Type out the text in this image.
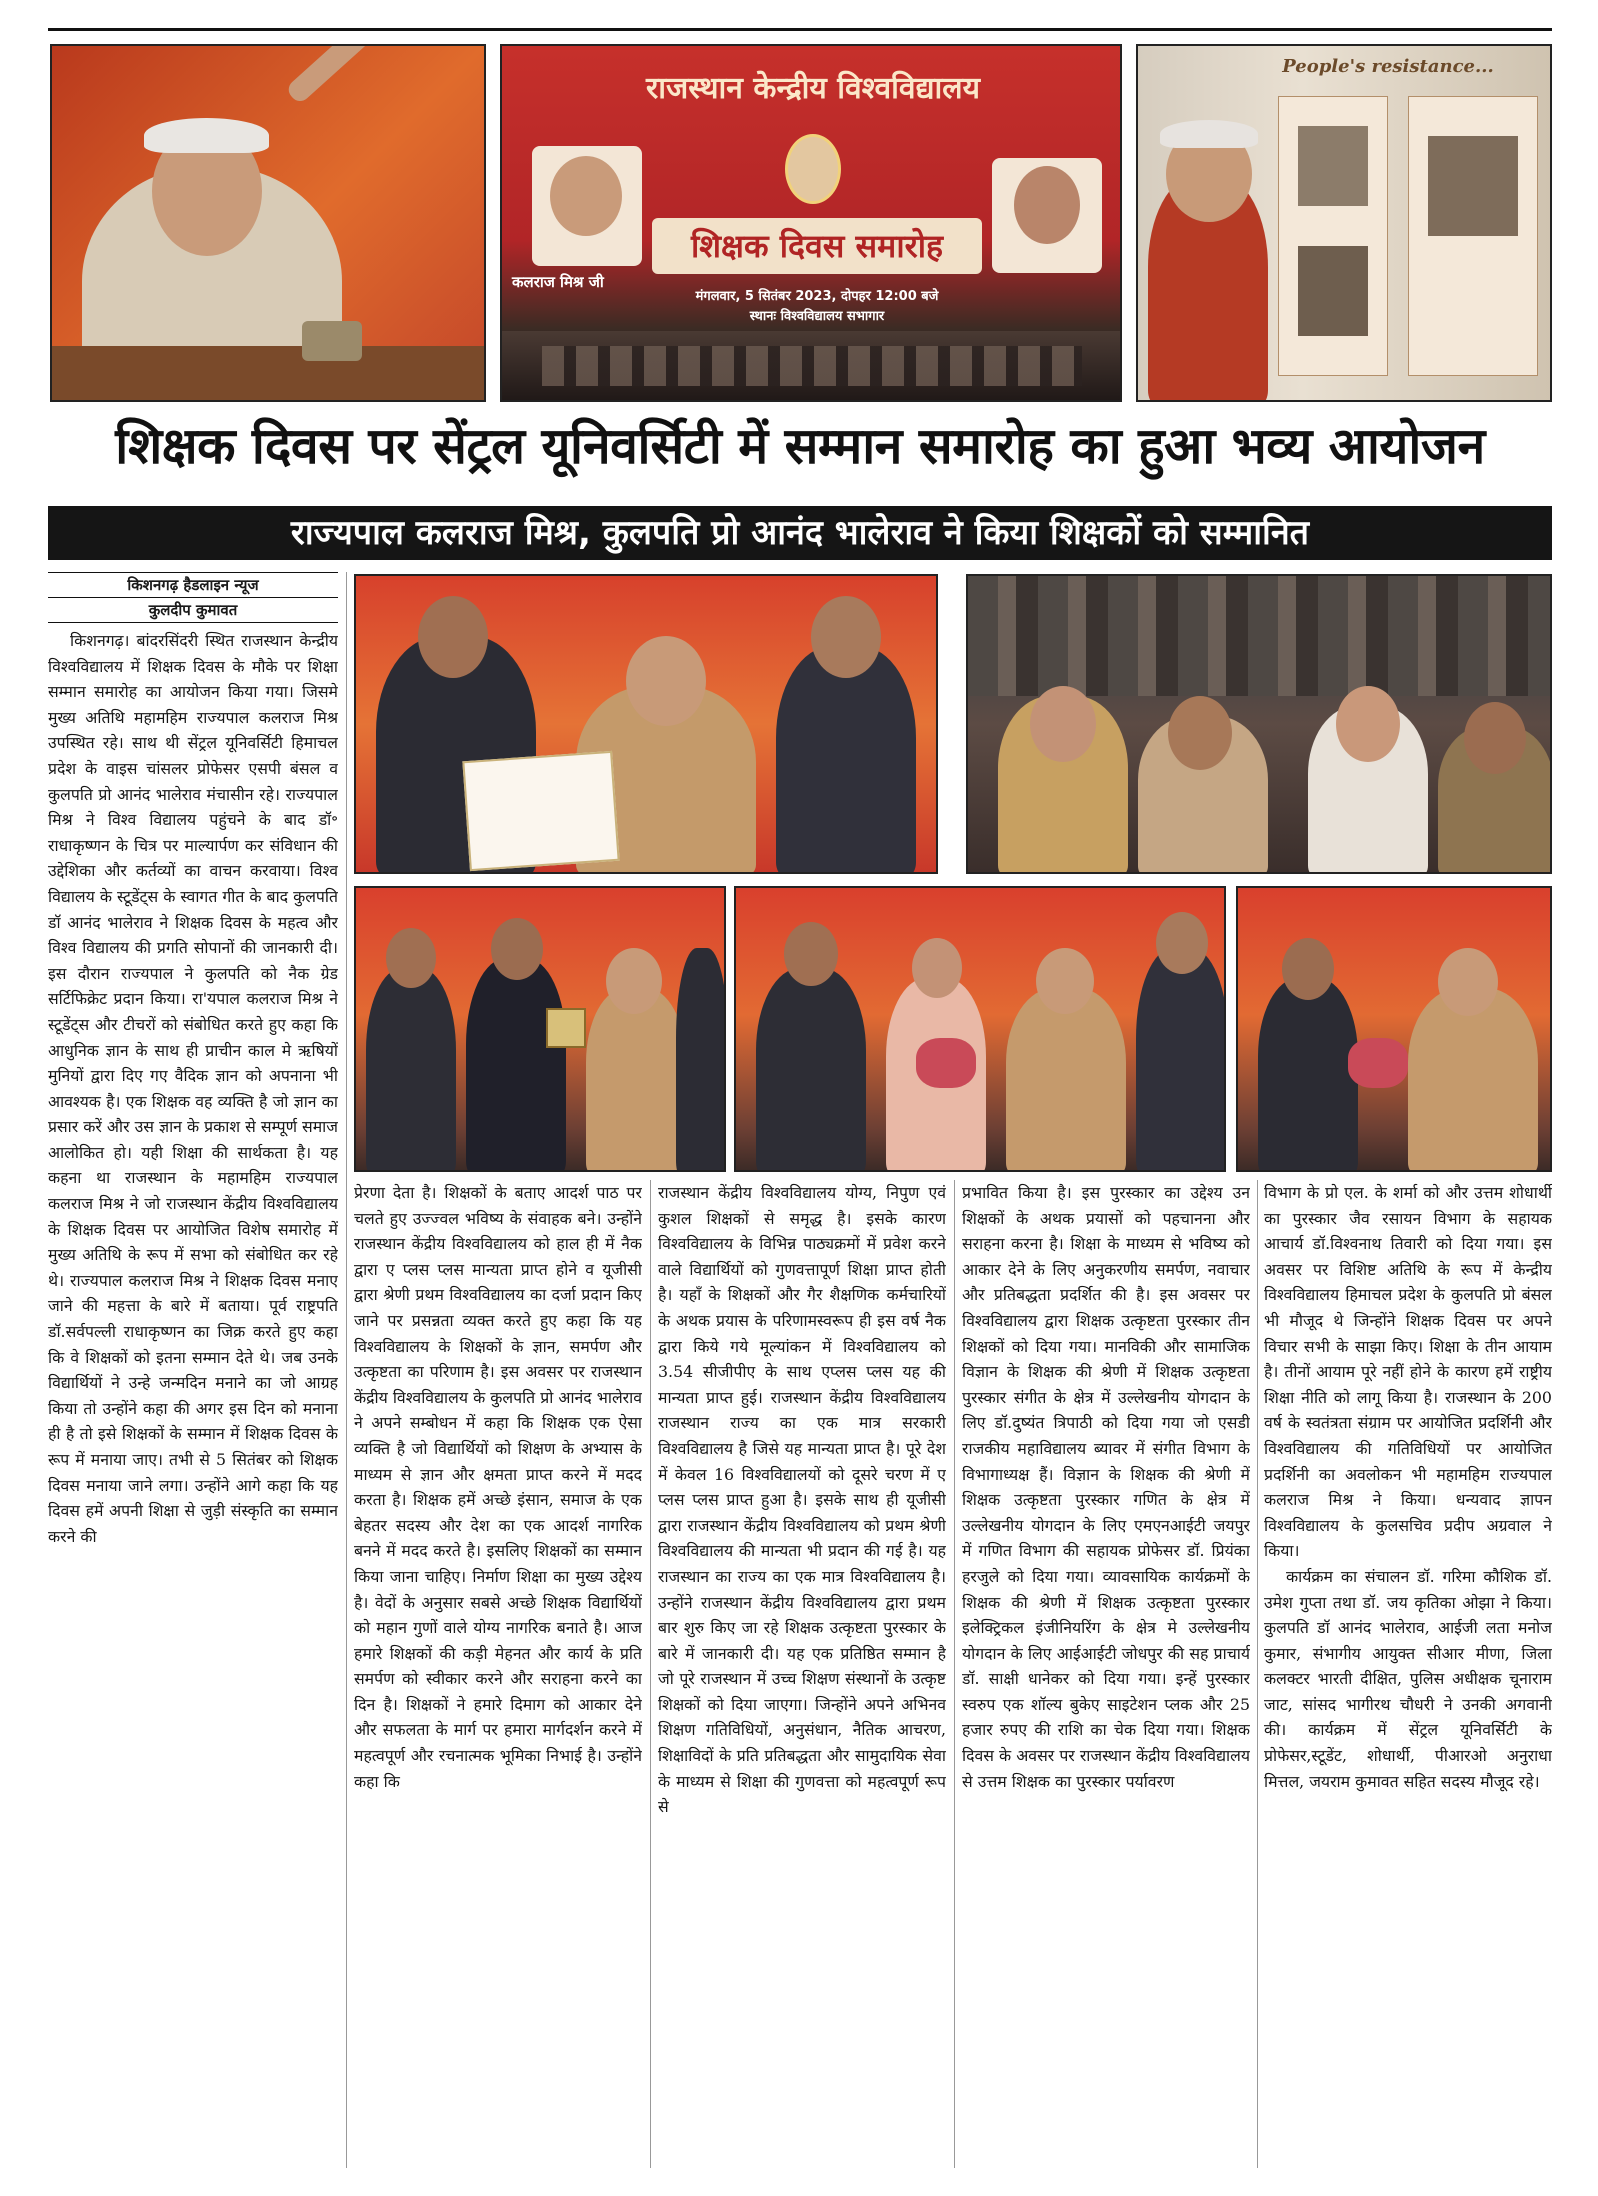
राजस्थान केन्द्रीय विश्वविद्यालय
शिक्षक दिवस समारोह
कलराज मिश्र जी
मंगलवार, 5 सितंबर 2023, दोपहर 12:00 बजे
स्थानः विश्वविद्यालय सभागार
People's resistance...
शिक्षक दिवस पर सेंट्रल यूनिवर्सिटी में सम्मान समारोह का हुआ भव्य आयोजन
राज्यपाल कलराज मिश्र, कुलपति प्रो आनंद भालेराव ने किया शिक्षकों को सम्मानित
किशनगढ़ हैडलाइन न्यूज
कुलदीप कुमावत

किशनगढ़। बांदरसिंदरी स्थित राजस्थान केन्द्रीय विश्वविद्यालय में शिक्षक दिवस के मौके पर शिक्षा सम्मान समारोह का आयोजन किया गया। जिसमे मुख्य अतिथि महामहिम राज्यपाल कलराज मिश्र उपस्थित रहे। साथ थी सेंट्रल यूनिवर्सिटी हिमाचल प्रदेश के वाइस चांसलर प्रोफेसर एसपी बंसल व कुलपति प्रो आनंद भालेराव मंचासीन रहे। राज्यपाल मिश्र ने विश्व विद्यालय पहुंचने के बाद डॉ॰ राधाकृष्णन के चित्र पर माल्यार्पण कर संविधान की उद्देशिका और कर्तव्यों का वाचन करवाया। विश्व विद्यालय के स्टूडेंट्स के स्वागत गीत के बाद कुलपति डॉ आनंद भालेराव ने शिक्षक दिवस के महत्व और विश्व विद्यालय की प्रगति सोपानों की जानकारी दी। इस दौरान राज्यपाल ने कुलपति को नैक ग्रेड सर्टिफिक्रेट प्रदान किया। रा'यपाल कलराज मिश्र ने स्टूडेंट्स और टीचरों को संबोधित करते हुए कहा कि आधुनिक ज्ञान के साथ ही प्राचीन काल मे ऋषियों मुनियों द्वारा दिए गए वैदिक ज्ञान को अपनाना भी आवश्यक है। एक शिक्षक वह व्यक्ति है जो ज्ञान का प्रसार करें और उस ज्ञान के प्रकाश से सम्पूर्ण समाज आलोकित हो। यही शिक्षा की सार्थकता है। यह कहना था राजस्थान के महामहिम राज्यपाल कलराज मिश्र ने जो राजस्थान केंद्रीय विश्वविद्यालय के शिक्षक दिवस पर आयोजित विशेष समारोह में मुख्य अतिथि के रूप में सभा को संबोधित कर रहे थे। राज्यपाल कलराज मिश्र ने शिक्षक दिवस मनाए जाने की महत्ता के बारे में बताया। पूर्व राष्ट्रपति डॉ.सर्वपल्ली राधाकृष्णन का जिक्र करते हुए कहा कि वे शिक्षकों को इतना सम्मान देते थे। जब उनके विद्यार्थियों ने उन्हे जन्मदिन मनाने का जो आग्रह किया तो उन्होंने कहा की अगर इस दिन को मनाना ही है तो इसे शिक्षकों के सम्मान में शिक्षक दिवस के रूप में मनाया जाए। तभी से 5 सितंबर को शिक्षक दिवस मनाया जाने लगा। उन्होंने आगे कहा कि यह दिवस हमें अपनी शिक्षा से जुड़ी संस्कृति का सम्मान करने की

प्रेरणा देता है। शिक्षकों के बताए आदर्श पाठ पर चलते हुए उज्ज्वल भविष्य के संवाहक बने। उन्होंने राजस्थान केंद्रीय विश्वविद्यालय को हाल ही में नैक द्वारा ए प्लस प्लस मान्यता प्राप्त होने व यूजीसी द्वारा श्रेणी प्रथम विश्वविद्यालय का दर्जा प्रदान किए जाने पर प्रसन्नता व्यक्त करते हुए कहा कि यह विश्वविद्यालय के शिक्षकों के ज्ञान, समर्पण और उत्कृष्टता का परिणाम है। इस अवसर पर राजस्थान केंद्रीय विश्वविद्यालय के कुलपति प्रो आनंद भालेराव ने अपने सम्बोधन में कहा कि शिक्षक एक ऐसा व्यक्ति है जो विद्यार्थियों को शिक्षण के अभ्यास के माध्यम से ज्ञान और क्षमता प्राप्त करने में मदद करता है। शिक्षक हमें अच्छे इंसान, समाज के एक बेहतर सदस्य और देश का एक आदर्श नागरिक बनने में मदद करते है। इसलिए शिक्षकों का सम्मान किया जाना चाहिए। निर्माण शिक्षा का मुख्य उद्देश्य है। वेदों के अनुसार सबसे अच्छे शिक्षक विद्यार्थियों को महान गुणों वाले योग्य नागरिक बनाते है। आज हमारे शिक्षकों की कड़ी मेहनत और कार्य के प्रति समर्पण को स्वीकार करने और सराहना करने का दिन है। शिक्षकों ने हमारे दिमाग को आकार देने और सफलता के मार्ग पर हमारा मार्गदर्शन करने में महत्वपूर्ण और रचनात्मक भूमिका निभाई है। उन्होंने कहा कि

राजस्थान केंद्रीय विश्वविद्यालय योग्य, निपुण एवं कुशल शिक्षकों से समृद्ध है। इसके कारण विश्वविद्यालय के विभिन्न पाठ्यक्रमों में प्रवेश करने वाले विद्यार्थियों को गुणवत्तापूर्ण शिक्षा प्राप्त होती है। यहाँ के शिक्षकों और गैर शैक्षणिक कर्मचारियों के अथक प्रयास के परिणामस्वरूप ही इस वर्ष नैक द्वारा किये गये मूल्यांकन में विश्वविद्यालय को 3.54 सीजीपीए के साथ एप्लस प्लस यह की मान्यता प्राप्त हुई। राजस्थान केंद्रीय विश्वविद्यालय राजस्थान राज्य का एक मात्र सरकारी विश्वविद्यालय है जिसे यह मान्यता प्राप्त है। पूरे देश में केवल 16 विश्वविद्यालयों को दूसरे चरण में ए प्लस प्लस प्राप्त हुआ है। इसके साथ ही यूजीसी द्वारा राजस्थान केंद्रीय विश्वविद्यालय को प्रथम श्रेणी विश्वविद्यालय की मान्यता भी प्रदान की गई है। यह राजस्थान का राज्य का एक मात्र विश्वविद्यालय है। उन्होंने राजस्थान केंद्रीय विश्वविद्यालय द्वारा प्रथम बार शुरु किए जा रहे शिक्षक उत्कृष्टता पुरस्कार के बारे में जानकारी दी। यह एक प्रतिष्ठित सम्मान है जो पूरे राजस्थान में उच्च शिक्षण संस्थानों के उत्कृष्ट शिक्षकों को दिया जाएगा। जिन्होंने अपने अभिनव शिक्षण गतिविधियों, अनुसंधान, नैतिक आचरण, शिक्षाविदों के प्रति प्रतिबद्धता और सामुदायिक सेवा के माध्यम से शिक्षा की गुणवत्ता को महत्वपूर्ण रूप से

प्रभावित किया है। इस पुरस्कार का उद्देश्य उन शिक्षकों के अथक प्रयासों को पहचानना और सराहना करना है। शिक्षा के माध्यम से भविष्य को आकार देने के लिए अनुकरणीय समर्पण, नवाचार और प्रतिबद्धता प्रदर्शित की है। इस अवसर पर विश्वविद्यालय द्वारा शिक्षक उत्कृष्टता पुरस्कार तीन शिक्षकों को दिया गया। मानविकी और सामाजिक विज्ञान के शिक्षक की श्रेणी में शिक्षक उत्कृष्टता पुरस्कार संगीत के क्षेत्र में उल्लेखनीय योगदान के लिए डॉ.दुष्यंत त्रिपाठी को दिया गया जो एसडी राजकीय महाविद्यालय ब्यावर में संगीत विभाग के विभागाध्यक्ष हैं। विज्ञान के शिक्षक की श्रेणी में शिक्षक उत्कृष्टता पुरस्कार गणित के क्षेत्र में उल्लेखनीय योगदान के लिए एमएनआईटी जयपुर में गणित विभाग की सहायक प्रोफेसर डॉ. प्रियंका हरजुले को दिया गया। व्यावसायिक कार्यक्रमों के शिक्षक की श्रेणी में शिक्षक उत्कृष्टता पुरस्कार इलेक्ट्रिकल इंजीनियरिंग के क्षेत्र मे उल्लेखनीय योगदान के लिए आईआईटी जोधपुर की सह प्राचार्य डॉ. साक्षी धानेकर को दिया गया। इन्हें पुरस्कार स्वरुप एक शॉल्य बुकेए साइटेशन प्लक और 25 हजार रुपए की राशि का चेक दिया गया। शिक्षक दिवस के अवसर पर राजस्थान केंद्रीय विश्वविद्यालय से उत्तम शिक्षक का पुरस्कार पर्यावरण

विभाग के प्रो एल. के शर्मा को और उत्तम शोधार्थी का पुरस्कार जैव रसायन विभाग के सहायक आचार्य डॉ.विश्वनाथ तिवारी को दिया गया। इस अवसर पर विशिष्ट अतिथि के रूप में केन्द्रीय विश्वविद्यालय हिमाचल प्रदेश के कुलपति प्रो बंसल भी मौजूद थे जिन्होंने शिक्षक दिवस पर अपने विचार सभी के साझा किए। शिक्षा के तीन आयाम है। तीनों आयाम पूरे नहीं होने के कारण हमें राष्ट्रीय शिक्षा नीति को लागू किया है। राजस्थान के 200 वर्ष के स्वतंत्रता संग्राम पर आयोजित प्रदर्शिनी और विश्वविद्यालय की गतिविधियों पर आयोजित प्रदर्शिनी का अवलोकन भी महामहिम राज्यपाल कलराज मिश्र ने किया। धन्यवाद ज्ञापन विश्वविद्यालय के कुलसचिव प्रदीप अग्रवाल ने किया।

कार्यक्रम का संचालन डॉ. गरिमा कौशिक डॉ. उमेश गुप्ता तथा डॉ. जय कृतिका ओझा ने किया। कुलपति डॉ आनंद भालेराव, आईजी लता मनोज कुमार, संभागीय आयुक्त सीआर मीणा, जिला कलक्टर भारती दीक्षित, पुलिस अधीक्षक चूनाराम जाट, सांसद भागीरथ चौधरी ने उनकी अगवानी की। कार्यक्रम में सेंट्रल यूनिवर्सिटी के प्रोफेसर,स्टूडेंट, शोधार्थी, पीआरओ अनुराधा मित्तल, जयराम कुमावत सहित सदस्य मौजूद रहे।
